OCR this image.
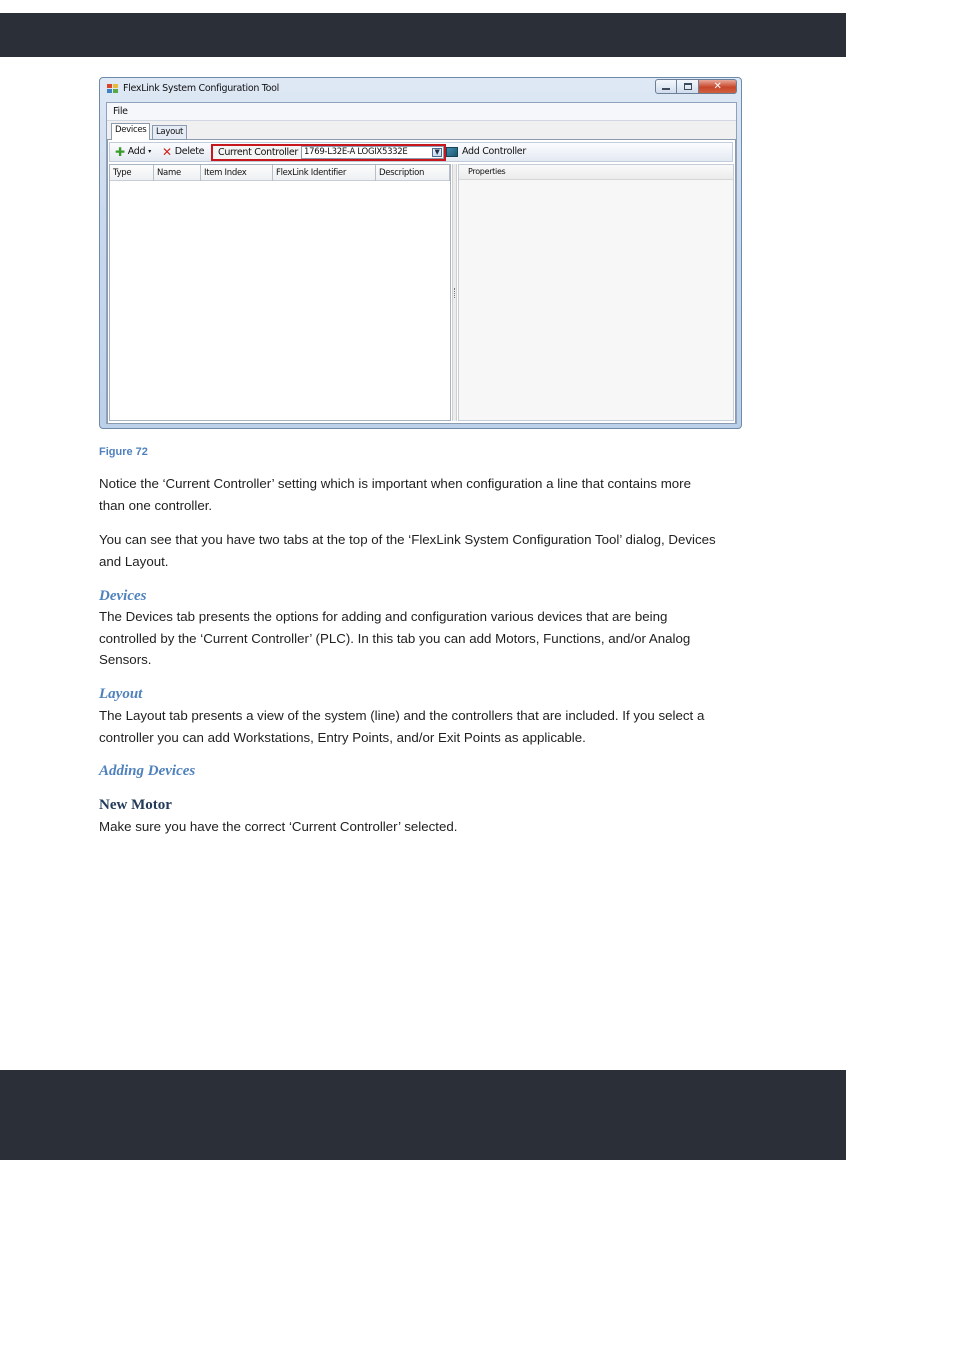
FlexLink System Configuration Tool	✕
File
Devices	Layout
✚ Add ▾ ✕ Delete Current Controller 1769-L32E-A LOGIX5332E	▼ Add Controller
Type	Name	Item Index	FlexLink Identifier	Description	Properties
Figure 72

Notice the ‘Current Controller’ setting which is important when configuration a line that contains more than one controller.

You can see that you have two tabs at the top of the ‘FlexLink System Configuration Tool’ dialog, Devices and Layout.

Devices

The Devices tab presents the options for adding and configuration various devices that are being controlled by the ‘Current Controller’ (PLC). In this tab you can add Motors, Functions, and/or Analog Sensors.

Layout

The Layout tab presents a view of the system (line) and the controllers that are included. If you select a controller you can add Workstations, Entry Points, and/or Exit Points as applicable.

Adding Devices
New Motor

Make sure you have the correct ‘Current Controller’ selected.
